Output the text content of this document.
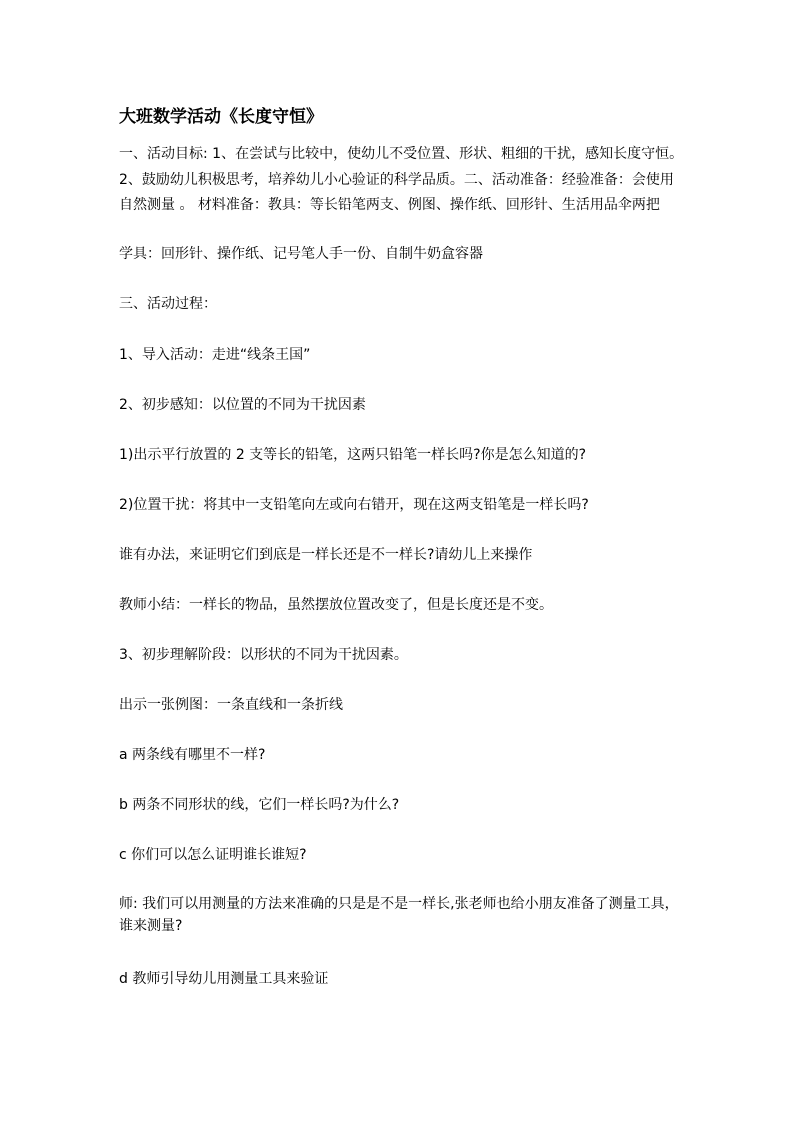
大班数学活动《长度守恒》
一、活动目标: 1、在尝试与比较中，使幼儿不受位置、形状、粗细的干扰，感知长度守恒。
2、鼓励幼儿积极思考，培养幼儿小心验证的科学品质。二、活动准备：经验准备：会使用
自然测量 。 材料准备：教具：等长铅笔两支、例图、操作纸、回形针、生活用品伞两把
学具：回形针、操作纸、记号笔人手一份、自制牛奶盒容器
三、活动过程：
1、导入活动：走进“线条王国”
2、初步感知：以位置的不同为干扰因素
1)出示平行放置的 2 支等长的铅笔，这两只铅笔一样长吗?你是怎么知道的?
2)位置干扰：将其中一支铅笔向左或向右错开，现在这两支铅笔是一样长吗?
谁有办法，来证明它们到底是一样长还是不一样长?请幼儿上来操作
教师小结：一样长的物品，虽然摆放位置改变了，但是长度还是不变。
3、初步理解阶段：以形状的不同为干扰因素。
出示一张例图：一条直线和一条折线
a 两条线有哪里不一样?
b 两条不同形状的线，它们一样长吗?为什么?
c 你们可以怎么证明谁长谁短?
师: 我们可以用测量的方法来准确的只是是不是一样长,张老师也给小朋友准备了测量工具，
谁来测量?
d 教师引导幼儿用测量工具来验证
